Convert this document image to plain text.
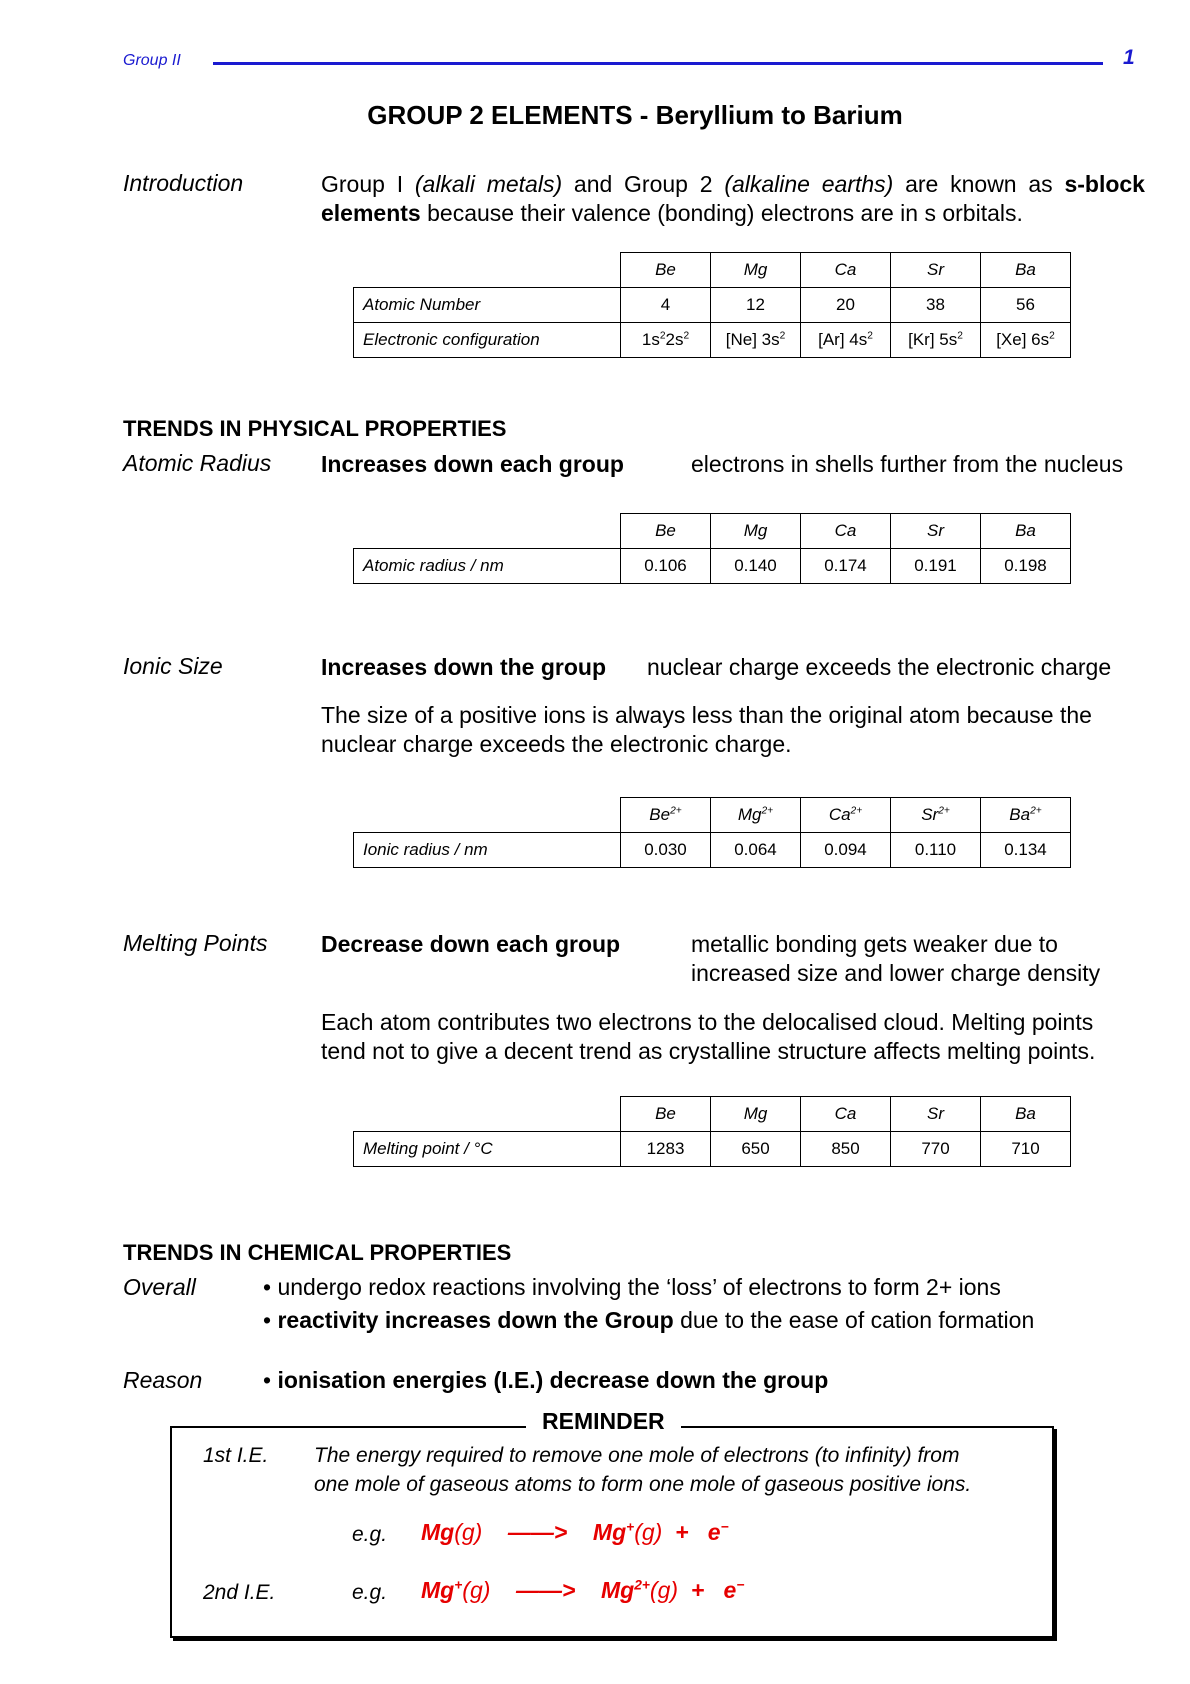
Group II	1
GROUP 2 ELEMENTS - Beryllium to Barium
Introduction	Group I (alkali metals) and Group 2 (alkaline earths) are known as s-block
elements because their valence (bonding) electrons are in s orbitals.
	Be	Mg	Ca	Sr	Ba
Atomic Number	4	12	20	38	56
Electronic configuration	$1s^22s^2$	[Ne] $3s^2$	[Ar] $4s^2$	[Kr] $5s^2$	[Xe] $6s^2$
TRENDS IN PHYSICAL PROPERTIES
Atomic Radius Increases down each group	electrons in shells further from the nucleus
	Be	Mg	Ca	Sr	Ba
Atomic radius / nm	0.106	0.140	0.174	0.191	0.198
Ionic Size	Increases down the group nuclear charge exceeds the electronic charge
The size of a positive ions is always less than the original atom because the
nuclear charge exceeds the electronic charge.
	$Be^{2+}$	$Mg^{2+}$	$Ca^{2+}$	$Sr^{2+}$	$Ba^{2+}$
Ionic radius / nm	0.030	0.064	0.094	0.110	0.134
Melting Points Decrease down each group	metallic bonding gets weaker due to
increased size and lower charge density
Each atom contributes two electrons to the delocalised cloud. Melting points
tend not to give a decent trend as crystalline structure affects melting points.
	Be	Mg	Ca	Sr	Ba
Melting point / °C	1283	650	850	770	710
TRENDS IN CHEMICAL PROPERTIES
Overall	• undergo redox reactions involving the ‘loss’ of electrons to form 2+ ions
• reactivity increases down the Group due to the ease of cation formation
Reason	• ionisation energies (I.E.) decrease down the group
REMINDER
1st I.E. The energy required to remove one mole of electrons (to infinity) from
one mole of gaseous atoms to form one mole of gaseous positive ions.
e.g. Mg(g) ——> Mg+(g) + e−
2nd I.E.	e.g. Mg+(g) ——> $Mg^{2+}(g) + e^-$
